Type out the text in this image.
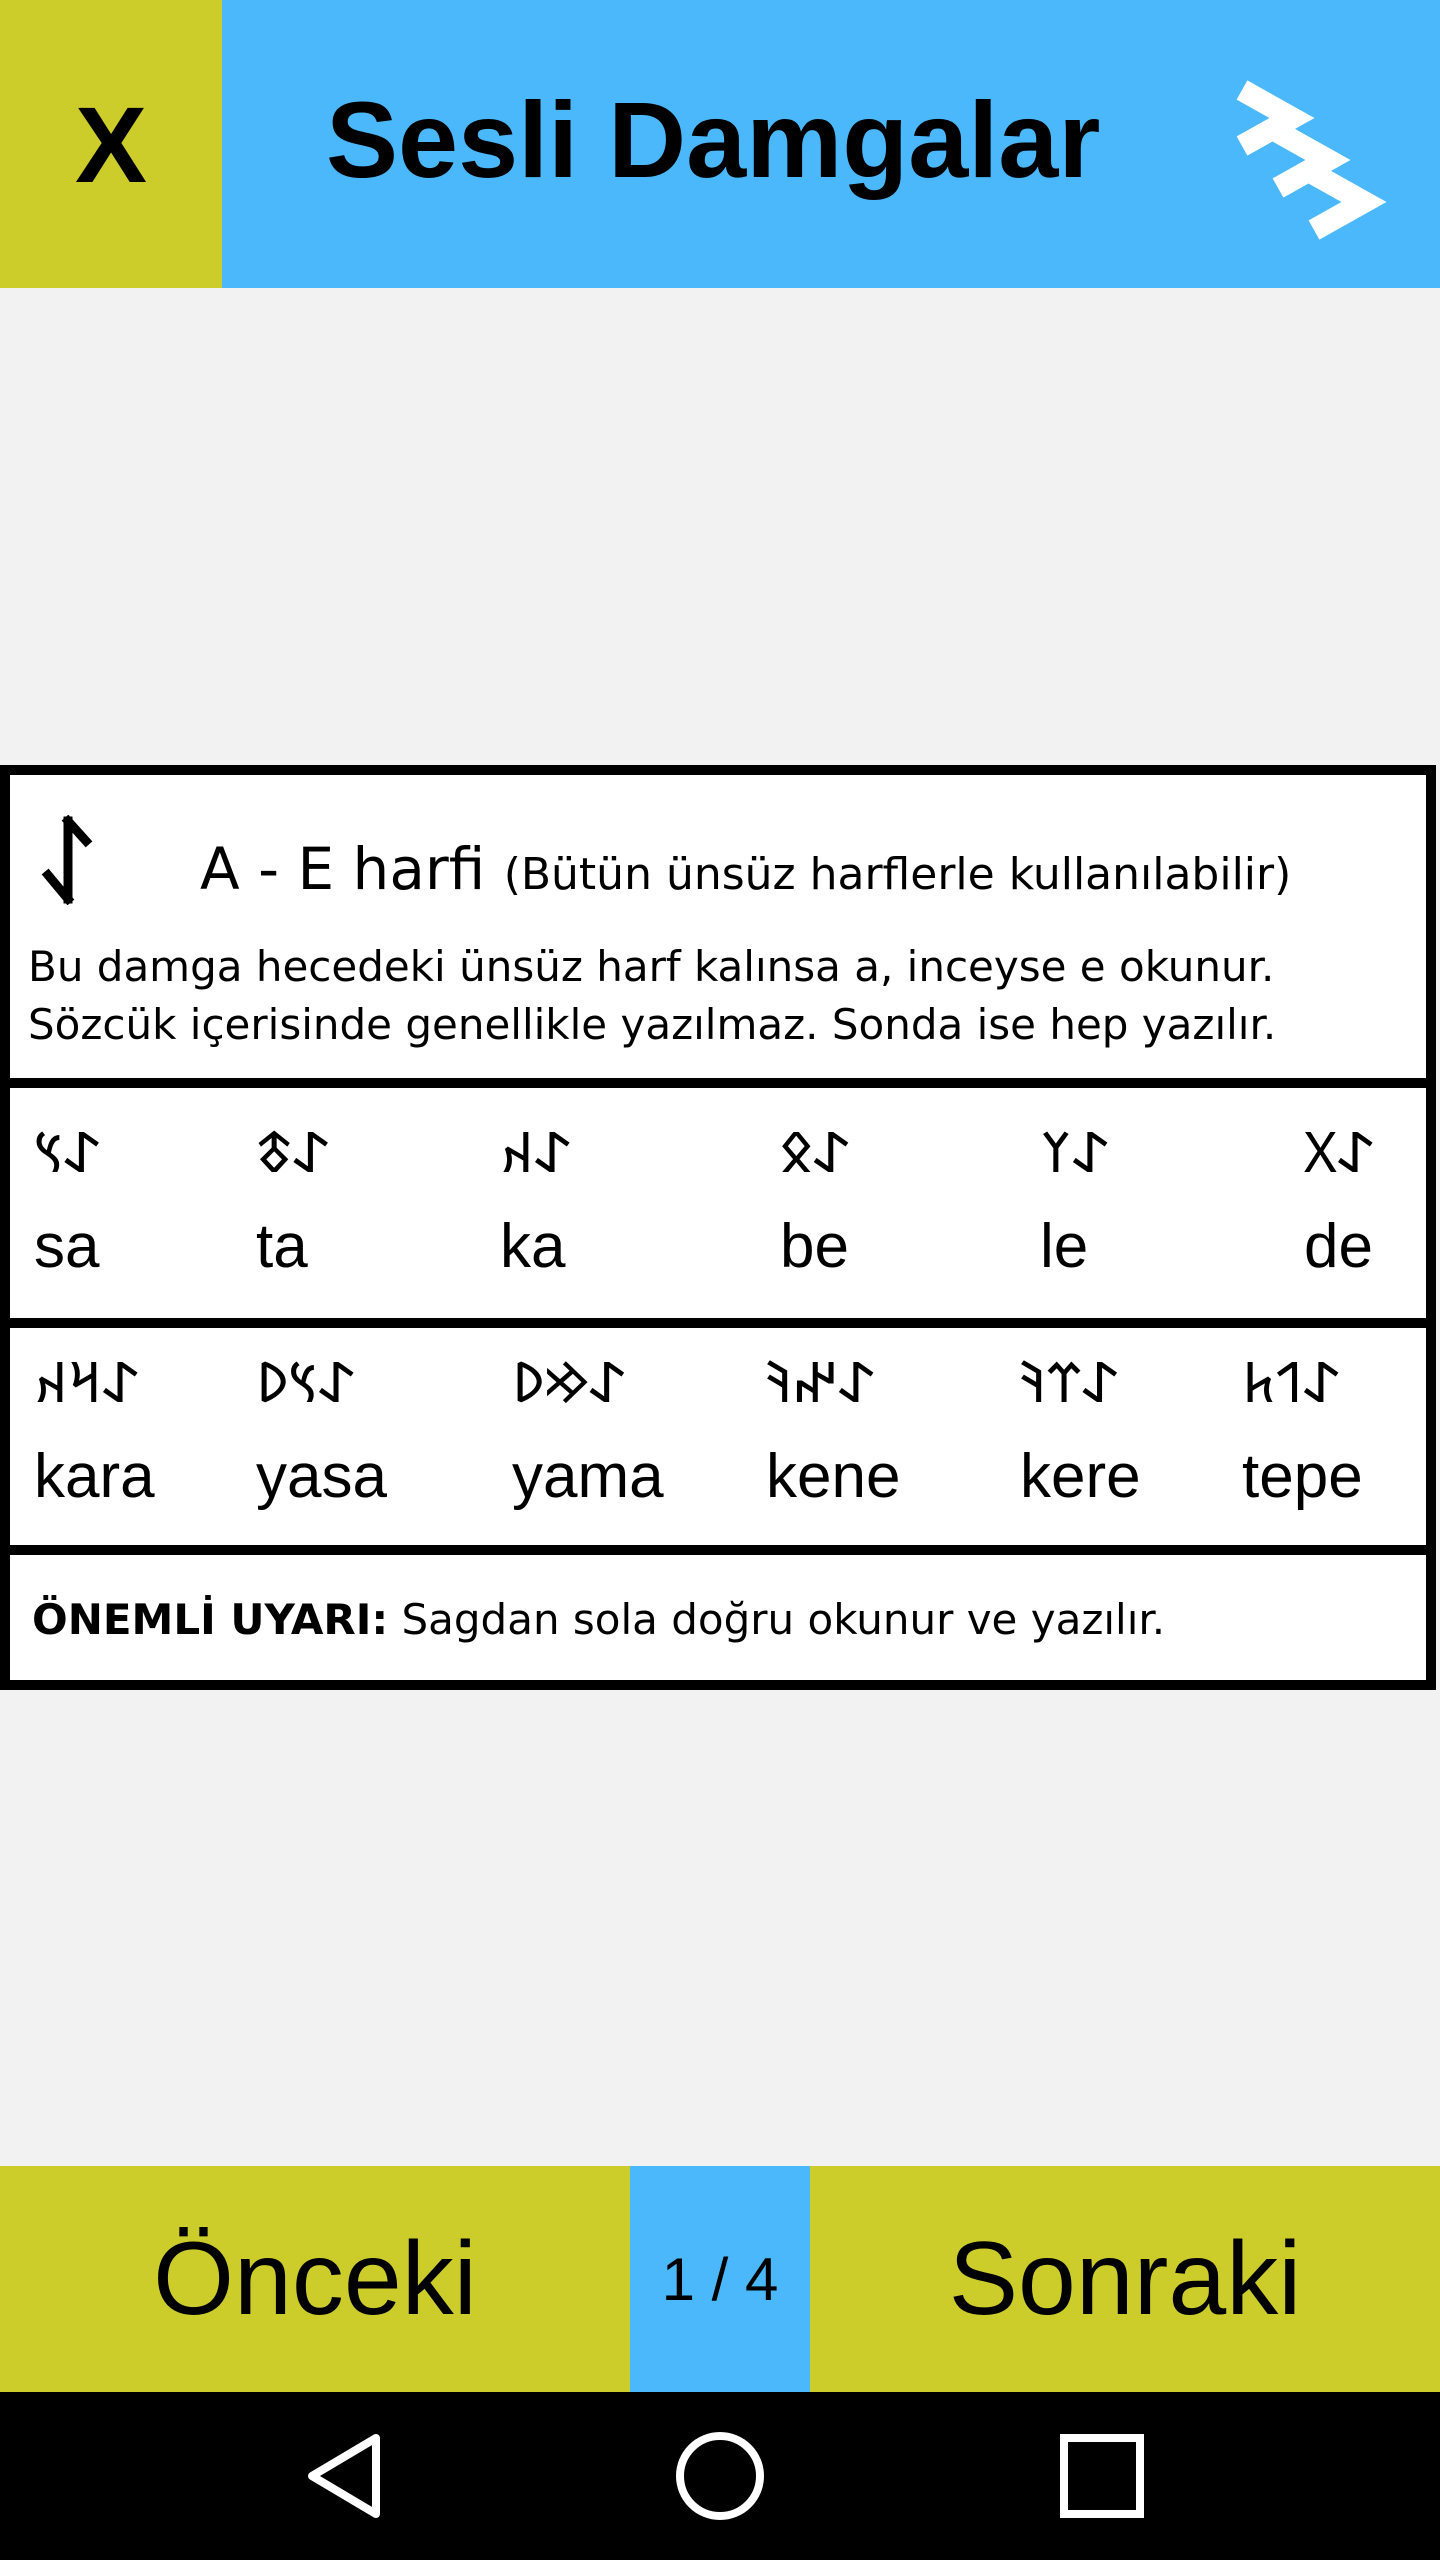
X Sesli Damgalar
A - E harfi (Bütün ünsüz harflerle kullanılabilir)
Bu damga hecedeki ünsüz harf kalınsa a, inceyse e okunur.
Sözcük içerisinde genellikle yazılmaz. Sonda ise hep yazılır.
𐰀𐰽
sa
𐰀𐱃
ta
𐰀𐰴
ka
𐰀𐰋
be
𐰀𐰠
le
𐰀𐰓
de
𐰀𐰺𐰴
kara
𐰀𐰽𐰖
yasa
𐰀𐰢𐰖
yama
𐰀𐰤𐰚
kene
𐰀𐰼𐰚
kere
𐰀𐰯𐱅
tepe
ÖNEMLİ UYARI: Sagdan sola doğru okunur ve yazılır.
Önceki	1 / 4	Sonraki
